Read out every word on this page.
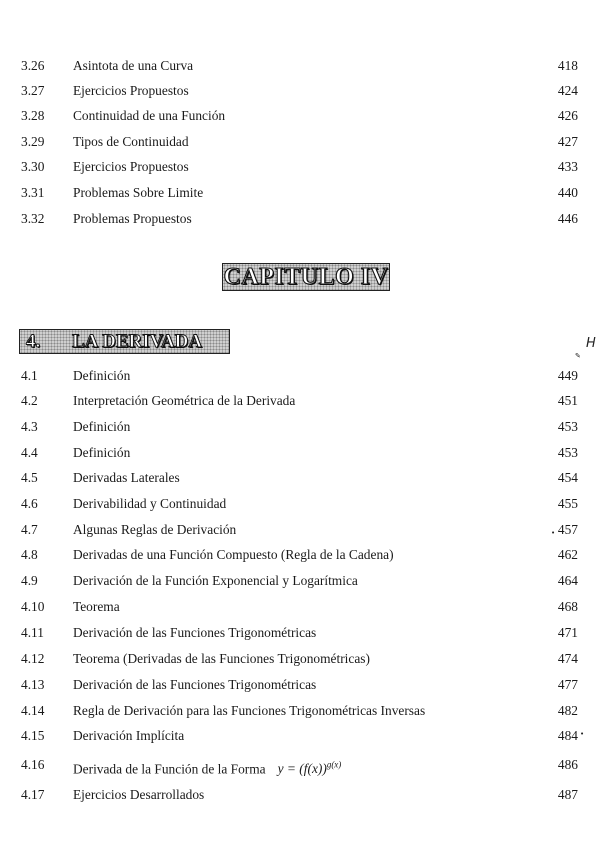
3.26 Asintota de una Curva	418
3.27 Ejercicios Propuestos	424
3.28 Continuidad de una Función	426
3.29 Tipos de Continuidad	427
3.30 Ejercicios Propuestos	433
3.31 Problemas Sobre Limite	440
3.32 Problemas Propuestos	446
CAPITULO IV
4. LA DERIVADA
4.1	Definición	449
4.2	Interpretación Geométrica de la Derivada	451
4.3	Definición	453
4.4	Definición	453
4.5	Derivadas Laterales	454
4.6	Derivabilidad y Continuidad	455
4.7	Algunas Reglas de Derivación	457
4.8	Derivadas de una Función Compuesto (Regla de la Cadena)	462
4.9	Derivación de la Función Exponencial y Logarítmica	464
4.10 Teorema	468
4.11 Derivación de las Funciones Trigonométricas	471
4.12 Teorema (Derivadas de las Funciones Trigonométricas)	474
4.13 Derivación de las Funciones Trigonométricas	477
4.14 Regla de Derivación para las Funciones Trigonométricas Inversas	482
4.15 Derivación Implícita	484
4.16 Derivada de la Función de la Forma $y = (f(x))^{g(x)}$	486
4.17 Ejercicios Desarrollados	487
H
✎
•
•
